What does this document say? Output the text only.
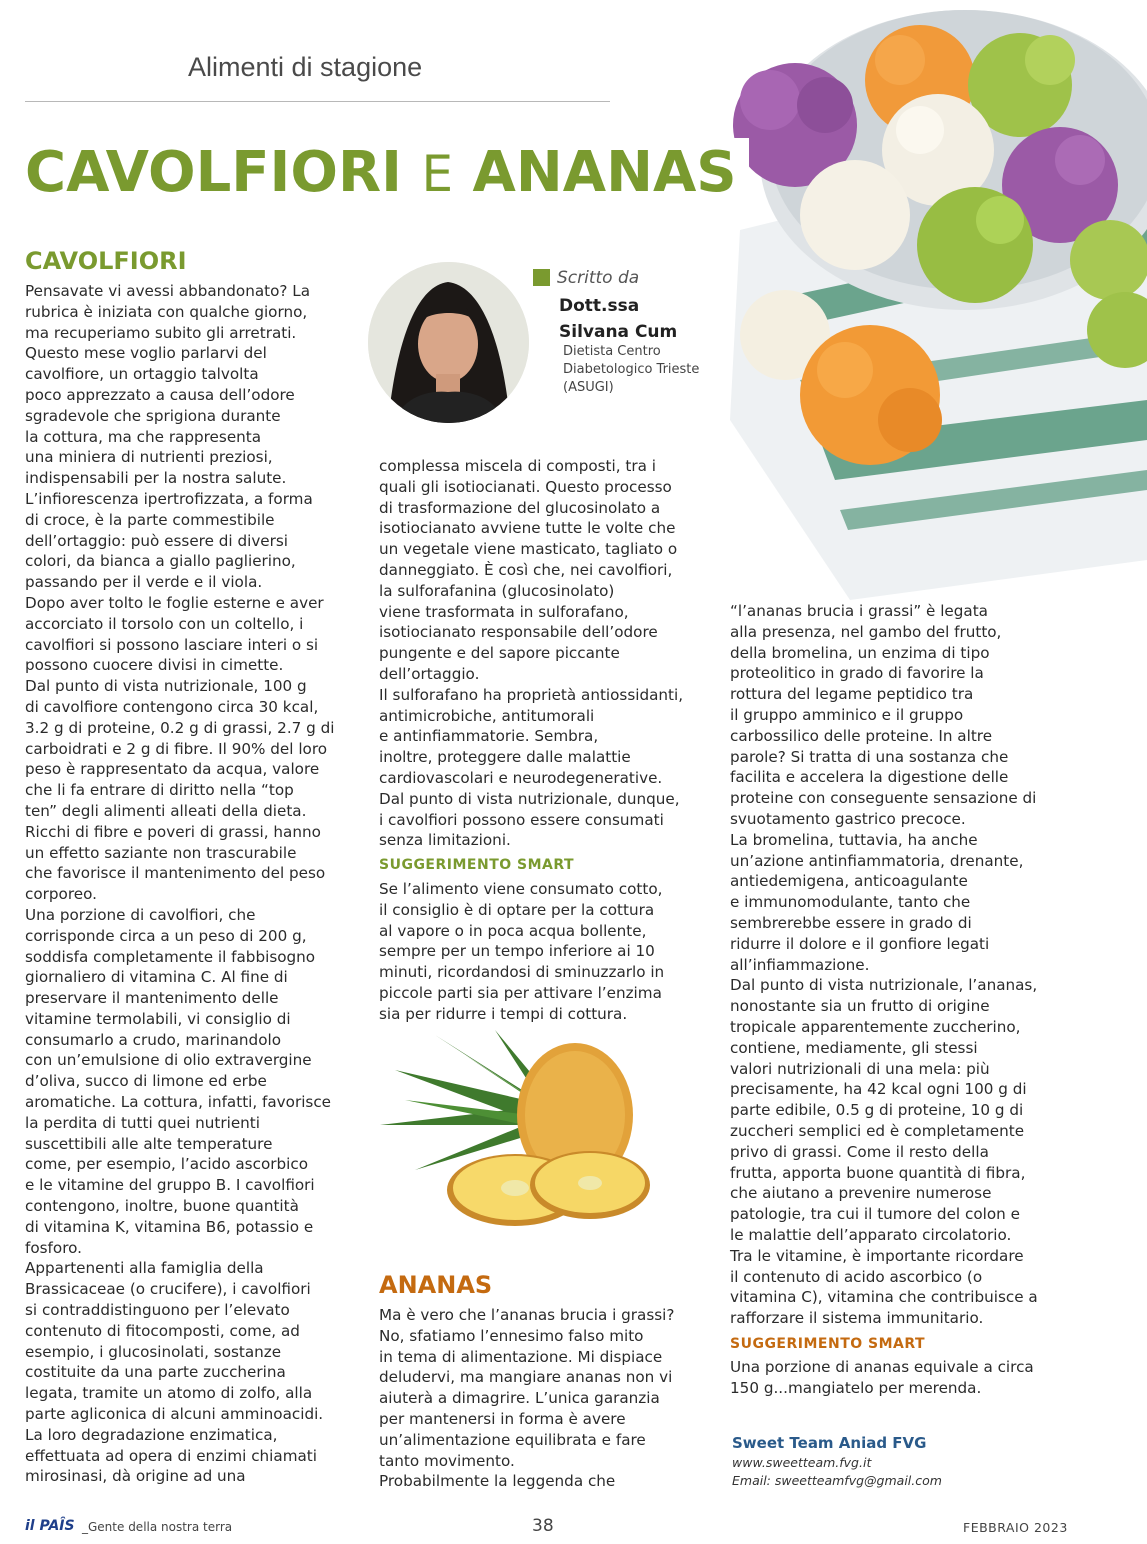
Alimenti di stagione
CAVOLFIORI E ANANAS
CAVOLFIORI
Pensavate vi avessi abbandonato? La
rubrica è iniziata con qualche giorno,
ma recuperiamo subito gli arretrati.
Questo mese voglio parlarvi del
cavolfiore, un ortaggio talvolta
poco apprezzato a causa dell’odore
sgradevole che sprigiona durante
la cottura, ma che rappresenta
una miniera di nutrienti preziosi,
indispensabili per la nostra salute.
L’infiorescenza ipertrofizzata, a forma
di croce, è la parte commestibile
dell’ortaggio: può essere di diversi
colori, da bianca a giallo paglierino,
passando per il verde e il viola.
Dopo aver tolto le foglie esterne e aver
accorciato il torsolo con un coltello, i
cavolfiori si possono lasciare interi o si
possono cuocere divisi in cimette.
Dal punto di vista nutrizionale, 100 g
di cavolfiore contengono circa 30 kcal,
3.2 g di proteine, 0.2 g di grassi, 2.7 g di
carboidrati e 2 g di fibre. Il 90% del loro
peso è rappresentato da acqua, valore
che li fa entrare di diritto nella “top
ten” degli alimenti alleati della dieta.
Ricchi di fibre e poveri di grassi, hanno
un effetto saziante non trascurabile
che favorisce il mantenimento del peso
corporeo.
Una porzione di cavolfiori, che
corrisponde circa a un peso di 200 g,
soddisfa completamente il fabbisogno
giornaliero di vitamina C. Al fine di
preservare il mantenimento delle
vitamine termolabili, vi consiglio di
consumarlo a crudo, marinandolo
con un’emulsione di olio extravergine
d’oliva, succo di limone ed erbe
aromatiche. La cottura, infatti, favorisce
la perdita di tutti quei nutrienti
suscettibili alle alte temperature
come, per esempio, l’acido ascorbico
e le vitamine del gruppo B. I cavolfiori
contengono, inoltre, buone quantità
di vitamina K, vitamina B6, potassio e
fosforo.
Appartenenti alla famiglia della
Brassicaceae (o crucifere), i cavolfiori
si contraddistinguono per l’elevato
contenuto di fitocomposti, come, ad
esempio, i glucosinolati, sostanze
costituite da una parte zuccherina
legata, tramite un atomo di zolfo, alla
parte agliconica di alcuni amminoacidi.
La loro degradazione enzimatica,
effettuata ad opera di enzimi chiamati
mirosinasi, dà origine ad una
Scritto da
Dott.ssa
Silvana Cum
Dietista Centro
Diabetologico Trieste
(ASUGI)
complessa miscela di composti, tra i
quali gli isotiocianati. Questo processo
di trasformazione del glucosinolato a
isotiocianato avviene tutte le volte che
un vegetale viene masticato, tagliato o
danneggiato. È così che, nei cavolfiori,
la sulforafanina (glucosinolato)
viene trasformata in sulforafano,
isotiocianato responsabile dell’odore
pungente e del sapore piccante
dell’ortaggio.
Il sulforafano ha proprietà antiossidanti,
antimicrobiche, antitumorali
e antinfiammatorie. Sembra,
inoltre, proteggere dalle malattie
cardiovascolari e neurodegenerative.
Dal punto di vista nutrizionale, dunque,
i cavolfiori possono essere consumati
senza limitazioni.
SUGGERIMENTO SMART
Se l’alimento viene consumato cotto,
il consiglio è di optare per la cottura
al vapore o in poca acqua bollente,
sempre per un tempo inferiore ai 10
minuti, ricordandosi di sminuzzarlo in
piccole parti sia per attivare l’enzima
sia per ridurre i tempi di cottura.
ANANAS
Ma è vero che l’ananas brucia i grassi?
No, sfatiamo l’ennesimo falso mito
in tema di alimentazione. Mi dispiace
deludervi, ma mangiare ananas non vi
aiuterà a dimagrire. L’unica garanzia
per mantenersi in forma è avere
un’alimentazione equilibrata e fare
tanto movimento.
Probabilmente la leggenda che
“l’ananas brucia i grassi” è legata
alla presenza, nel gambo del frutto,
della bromelina, un enzima di tipo
proteolitico in grado di favorire la
rottura del legame peptidico tra
il gruppo amminico e il gruppo
carbossilico delle proteine. In altre
parole? Si tratta di una sostanza che
facilita e accelera la digestione delle
proteine con conseguente sensazione di
svuotamento gastrico precoce.
La bromelina, tuttavia, ha anche
un’azione antinfiammatoria, drenante,
antiedemigena, anticoagulante
e immunomodulante, tanto che
sembrerebbe essere in grado di
ridurre il dolore e il gonfiore legati
all’infiammazione.
Dal punto di vista nutrizionale, l’ananas,
nonostante sia un frutto di origine
tropicale apparentemente zuccherino,
contiene, mediamente, gli stessi
valori nutrizionali di una mela: più
precisamente, ha 42 kcal ogni 100 g di
parte edibile, 0.5 g di proteine, 10 g di
zuccheri semplici ed è completamente
privo di grassi. Come il resto della
frutta, apporta buone quantità di fibra,
che aiutano a prevenire numerose
patologie, tra cui il tumore del colon e
le malattie dell’apparato circolatorio.
Tra le vitamine, è importante ricordare
il contenuto di acido ascorbico (o
vitamina C), vitamina che contribuisce a
rafforzare il sistema immunitario.
SUGGERIMENTO SMART
Una porzione di ananas equivale a circa
150 g...mangiatelo per merenda.
Sweet Team Aniad FVG
www.sweetteam.fvg.it
Email: sweetteamfvg@gmail.com
il PAÎS _Gente della nostra terra	38	FEBBRAIO 2023
